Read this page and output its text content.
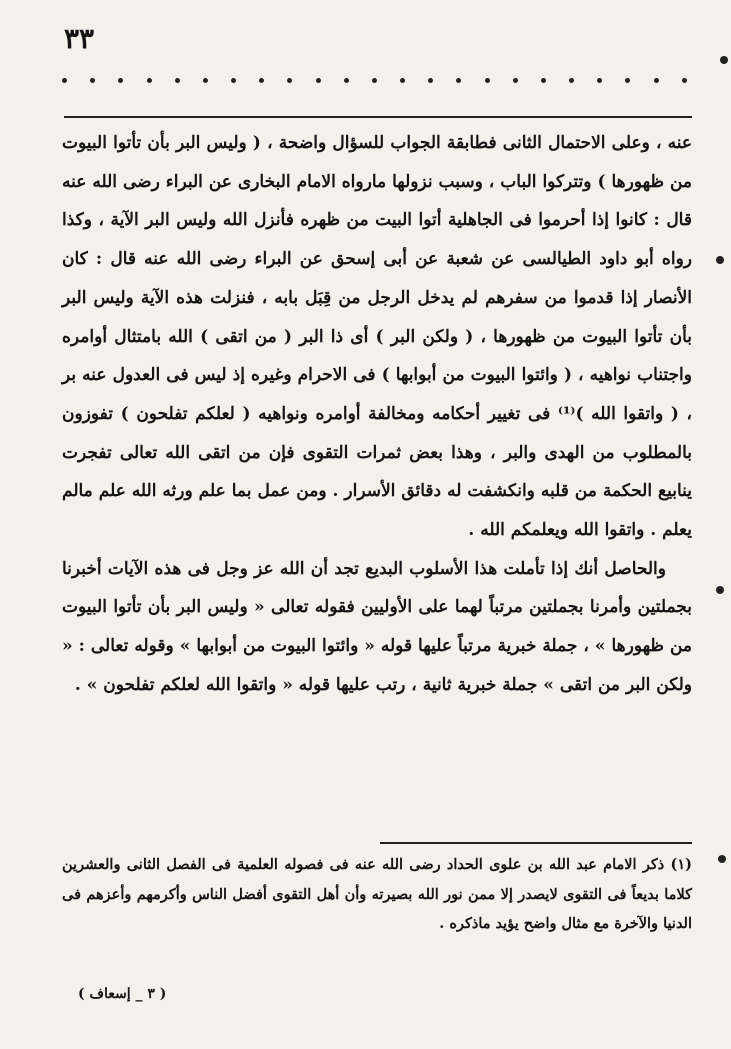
٣٣

عنه ، وعلى الاحتمال الثانى فطابقة الجواب للسؤال واضحة ، ( وليس البر بأن تأتوا البيوت من ظهورها ) وتتركوا الباب ، وسبب نزولها مارواه الامام البخارى عن البراء رضى الله عنه قال : كانوا إذا أحرموا فى الجاهلية أتوا البيت من ظهره فأنزل الله وليس البر الآية ، وكذا رواه أبو داود الطيالسى عن شعبة عن أبى إسحق عن البراء رضى الله عنه قال : كان الأنصار إذا قدموا من سفرهم لم يدخل الرجل من قِبَل بابه ، فنزلت هذه الآية وليس البر بأن تأتوا البيوت من ظهورها ، ( ولكن البر ) أى ذا البر ( من اتقى ) الله بامتثال أوامره واجتناب نواهيه ، ( وائتوا البيوت من أبوابها ) فى الاحرام وغيره إذ ليس فى العدول عنه بر ، ( واتقوا الله )⁽¹⁾ فى تغيير أحكامه ومخالفة أوامره ونواهيه ( لعلكم تفلحون ) تفوزون بالمطلوب من الهدى والبر ، وهذا بعض ثمرات التقوى فإن من اتقى الله تعالى تفجرت ينابيع الحكمة من قلبه وانكشفت له دقائق الأسرار . ومن عمل بما علم ورثه الله علم مالم يعلم . واتقوا الله ويعلمكم الله .

والحاصل أنك إذا تأملت هذا الأسلوب البديع تجد أن الله عز وجل فى هذه الآيات أخبرنا بجملتين وأمرنا بجملتين مرتباً لهما على الأوليين فقوله تعالى « وليس البر بأن تأتوا البيوت من ظهورها » ، جملة خبرية مرتباً عليها قوله « وائتوا البيوت من أبوابها » وقوله تعالى : « ولكن البر من اتقى » جملة خبرية ثانية ، رتب عليها قوله « واتقوا الله لعلكم تفلحون » .

(١) ذكر الامام عبد الله بن علوى الحداد رضى الله عنه فى فصوله العلمية فى الفصل الثانى والعشرين كلاما بديعاً فى التقوى لايصدر إلا ممن نور الله بصيرته وأن أهل التقوى أفضل الناس وأكرمهم وأعزهم فى الدنيا والآخرة مع مثال واضح يؤيد ماذكره .

( ٣ _ إسعاف )
